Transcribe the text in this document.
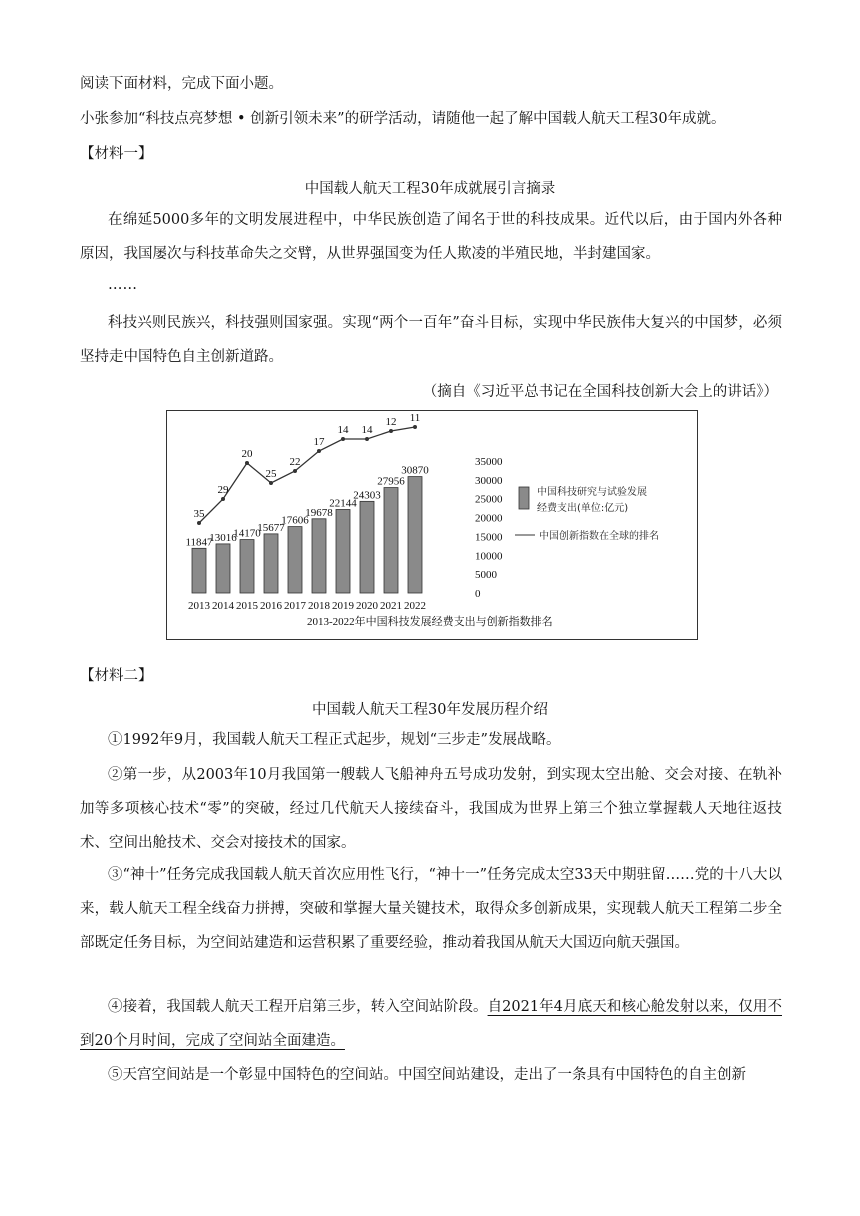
阅读下面材料，完成下面小题。
小张参加“科技点亮梦想 • 创新引领未来”的研学活动，请随他一起了解中国载人航天工程30年成就。
【材料一】
中国载人航天工程30年成就展引言摘录
在绵延5000多年的文明发展进程中，中华民族创造了闻名于世的科技成果。近代以后，由于国内外各种原因，我国屡次与科技革命失之交臂，从世界强国变为任人欺凌的半殖民地，半封建国家。
……
科技兴则民族兴，科技强则国家强。实现“两个一百年”奋斗目标，实现中华民族伟大复兴的中国梦，必须坚持走中国特色自主创新道路。
（摘自《习近平总书记在全国科技创新大会上的讲话》）
11847
13016
14170
15677
17606
19678
22144
24303
27956
30870
2013 2014 2015 2016 2017 2018 2019 2020 2021 2022
35000
30000
25000
20000
15000
10000
5000
0
35
29
20
25
22
17
14 14
12 11
中国科技研究与试验发展
经费支出(单位:亿元)
中国创新指数在全球的排名
2013-2022年中国科技发展经费支出与创新指数排名
【材料二】
中国载人航天工程30年发展历程介绍
①1992年9月，我国载人航天工程正式起步，规划“三步走”发展战略。
②第一步，从2003年10月我国第一艘载人飞船神舟五号成功发射，到实现太空出舱、交会对接、在轨补加等多项核心技术“零”的突破，经过几代航天人接续奋斗，我国成为世界上第三个独立掌握载人天地往返技术、空间出舱技术、交会对接技术的国家。
③“神十”任务完成我国载人航天首次应用性飞行，“神十一”任务完成太空33天中期驻留……党的十八大以来，载人航天工程全线奋力拼搏，突破和掌握大量关键技术，取得众多创新成果，实现载人航天工程第二步全部既定任务目标，为空间站建造和运营积累了重要经验，推动着我国从航天大国迈向航天强国。
④接着，我国载人航天工程开启第三步，转入空间站阶段。自2021年4月底天和核心舱发射以来，仅用不到20个月时间，完成了空间站全面建造。
⑤天宫空间站是一个彰显中国特色的空间站。中国空间站建设，走出了一条具有中国特色的自主创新
